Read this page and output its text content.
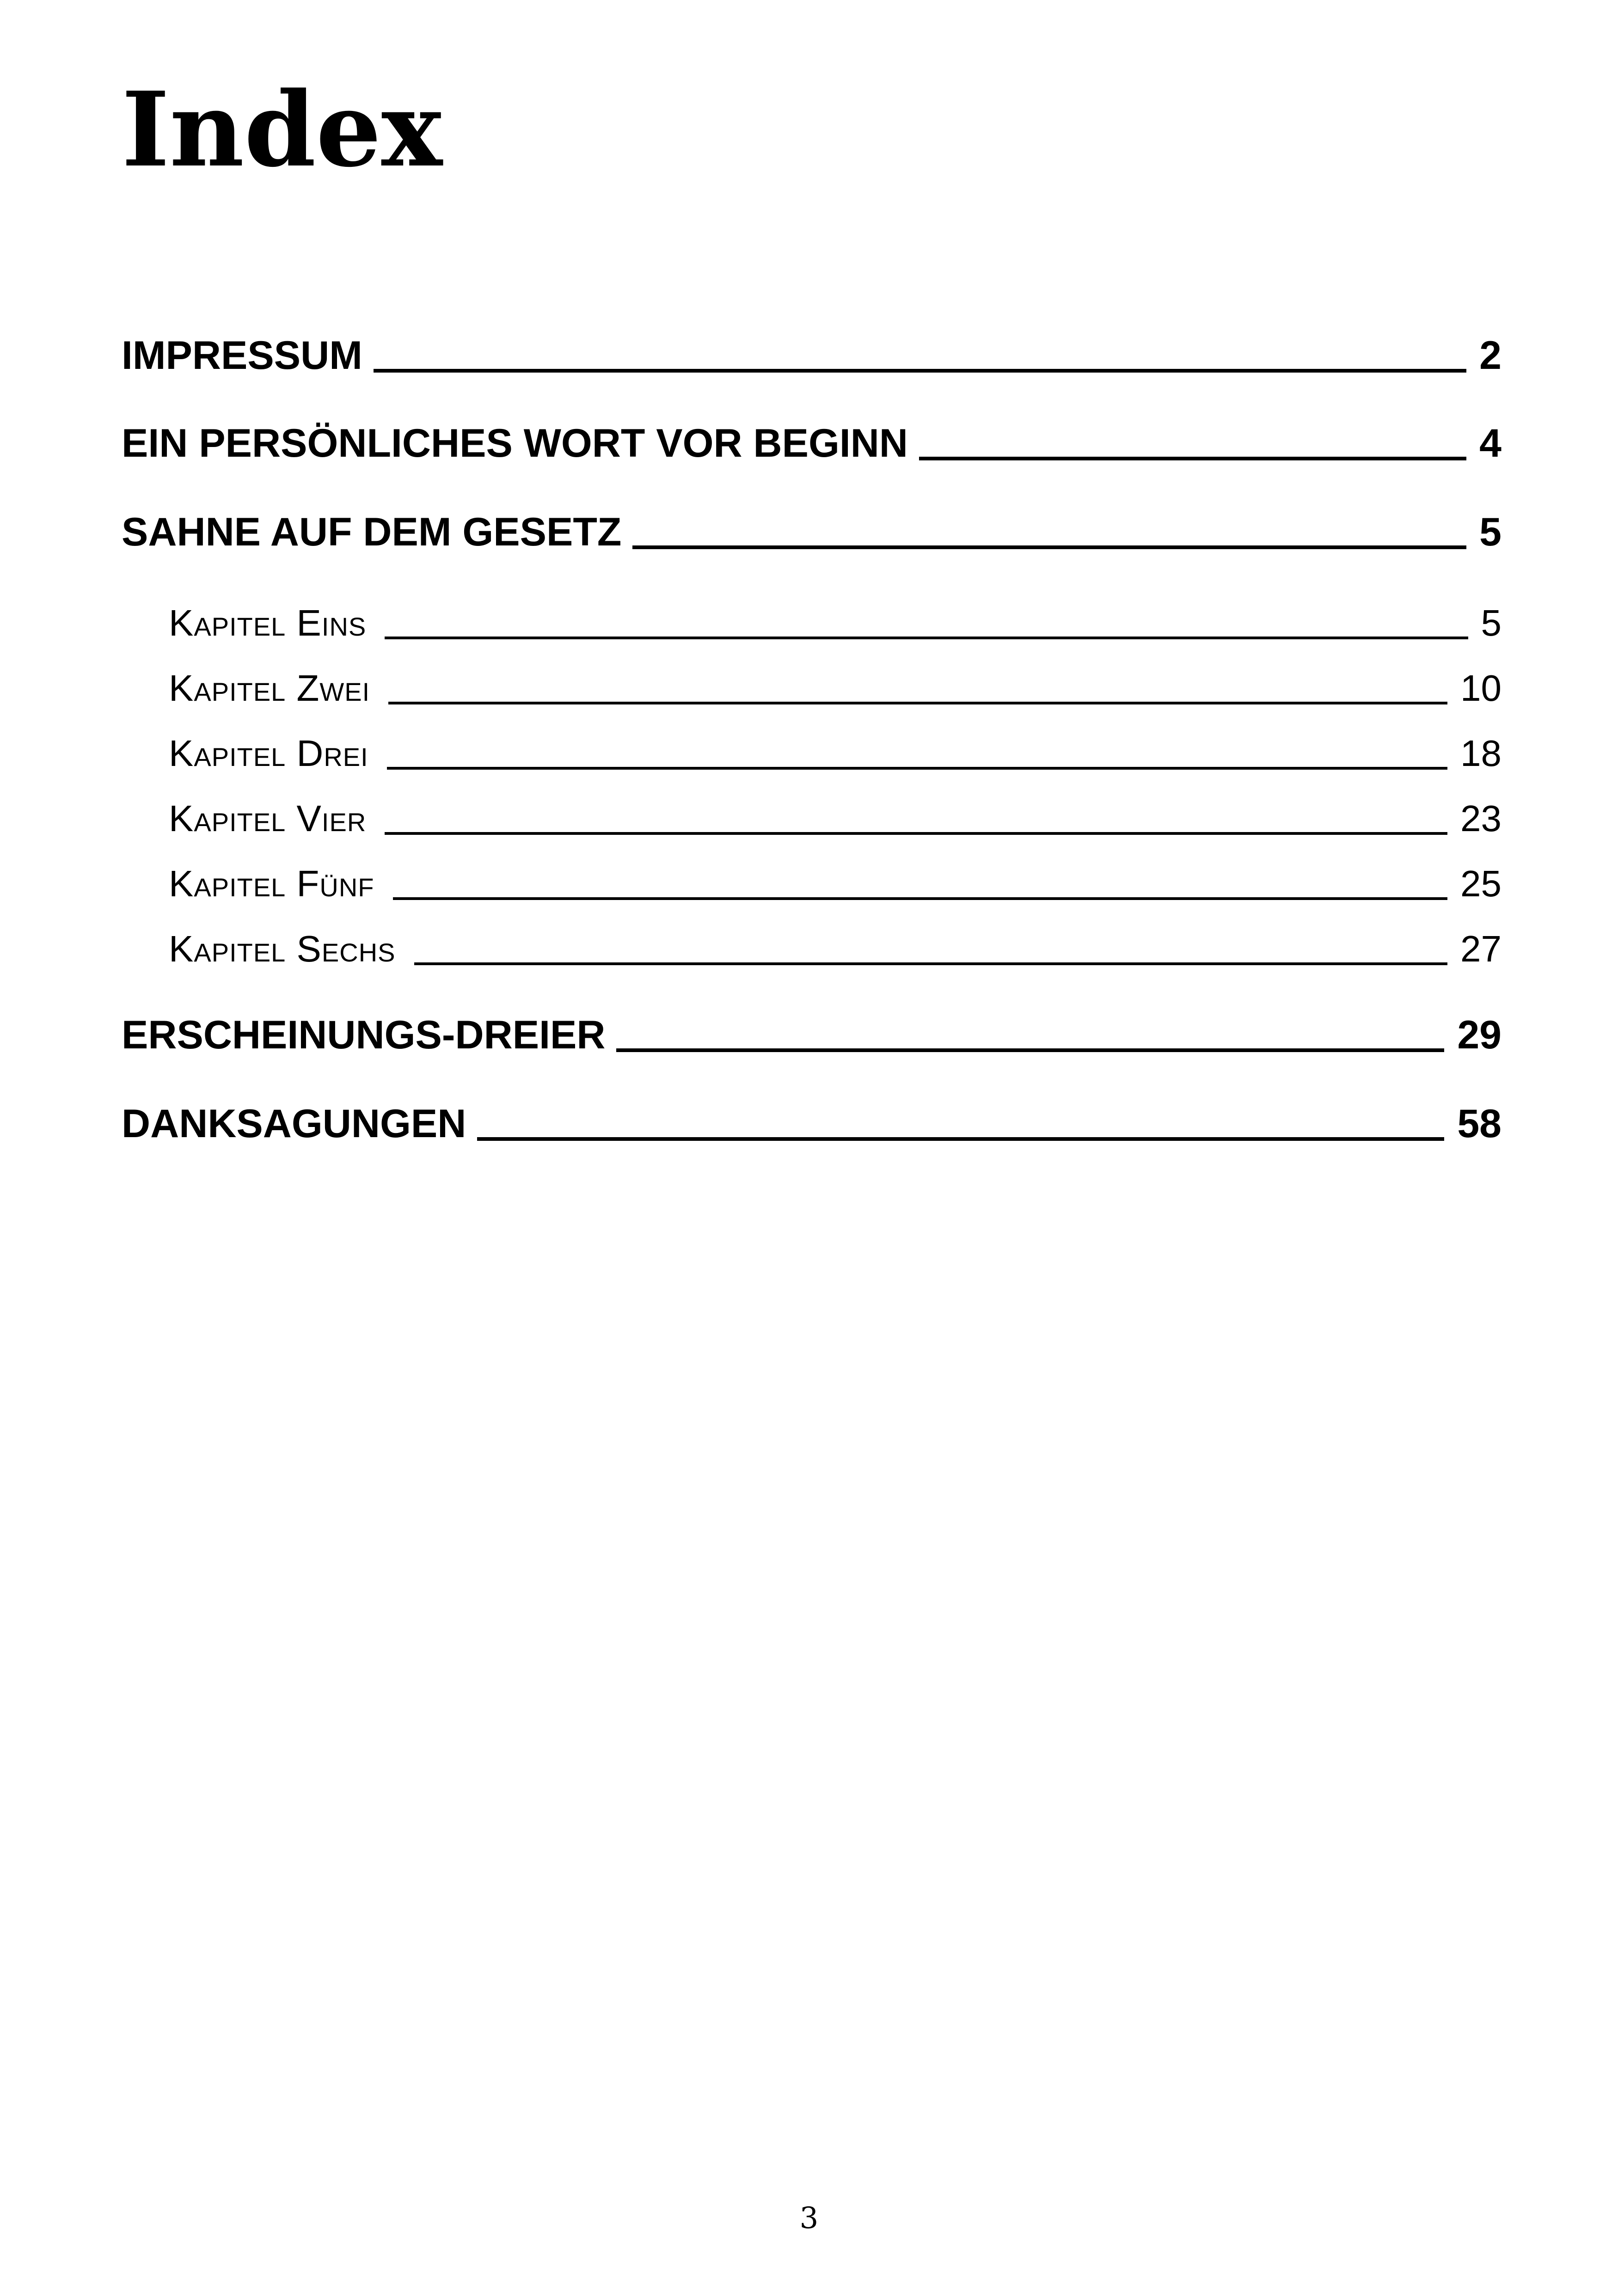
Index
IMPRESSUM	2
EIN PERSÖNLICHES WORT VOR BEGINN	4
SAHNE AUF DEM GESETZ	5
Kapitel Eins	5
Kapitel Zwei	10
Kapitel Drei	18
Kapitel Vier	23
Kapitel Fünf	25
Kapitel Sechs	27
ERSCHEINUNGS-DREIER	29
DANKSAGUNGEN	58
3
